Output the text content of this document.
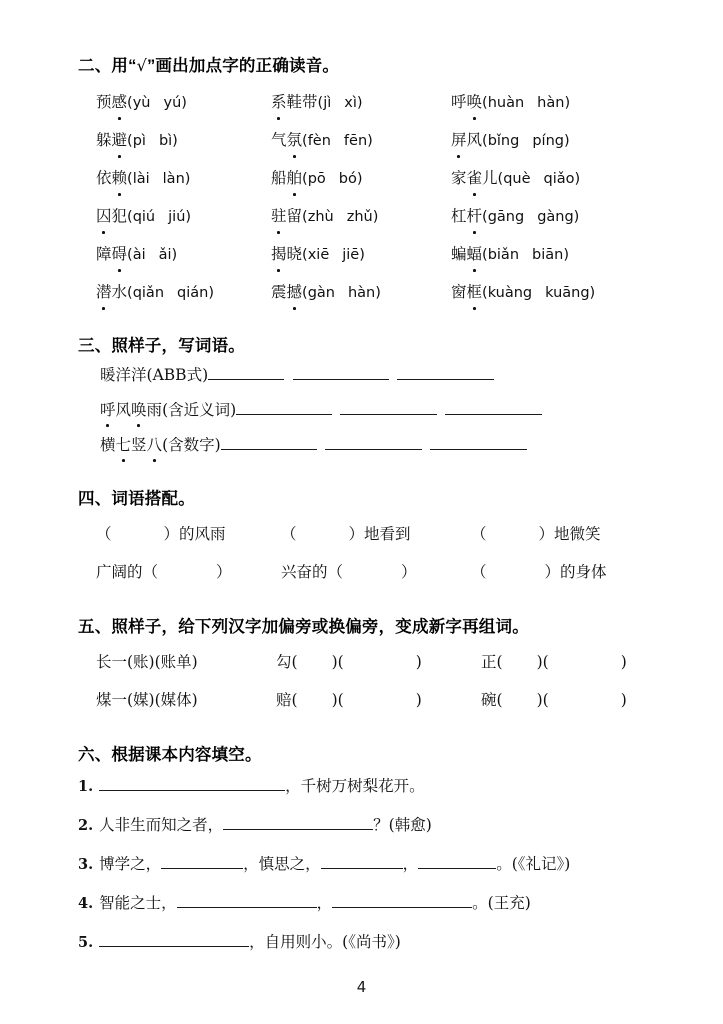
二、用“√”画出加点字的正确读音。
预感(yù yú)	系鞋带(jì xì)	呼唤(huàn hàn)
躲避(pì bì)	气氛(fèn fēn)	屏风(bǐng píng)
依赖(lài làn)	船舶(pō bó)	家雀儿(què qiǎo)
囚犯(qiú jiú)	驻留(zhù zhǔ)	杠杆(gāng gàng)
障碍(ài ǎi)	揭晓(xiē jiē)	蝙蝠(biǎn biān)
潜水(qiǎn qián)	震撼(gàn hàn)	窗框(kuàng kuāng)
三、照样子，写词语。
暖洋洋(ABB式)
呼风唤雨(含近义词)
横七竖八(含数字)
四、词语搭配。
（	）的风雨	（	）地看到	（	）地微笑
广阔的（	）	兴奋的（	）	（	）的身体
五、照样子，给下列汉字加偏旁或换偏旁，变成新字再组词。
长一(账)(账单)	勾( )(	)	正( )(	)
煤一(媒)(媒体)	赔( )(	)	碗( )(	)
六、根据课本内容填空。
1.	，千树万树梨花开。
2. 人非生而知之者，	？(韩愈)
3. 博学之，	，慎思之，	，	。(《礼记》)
4. 智能之士，	，	。(王充)
5.	，自用则小。(《尚书》)
4
